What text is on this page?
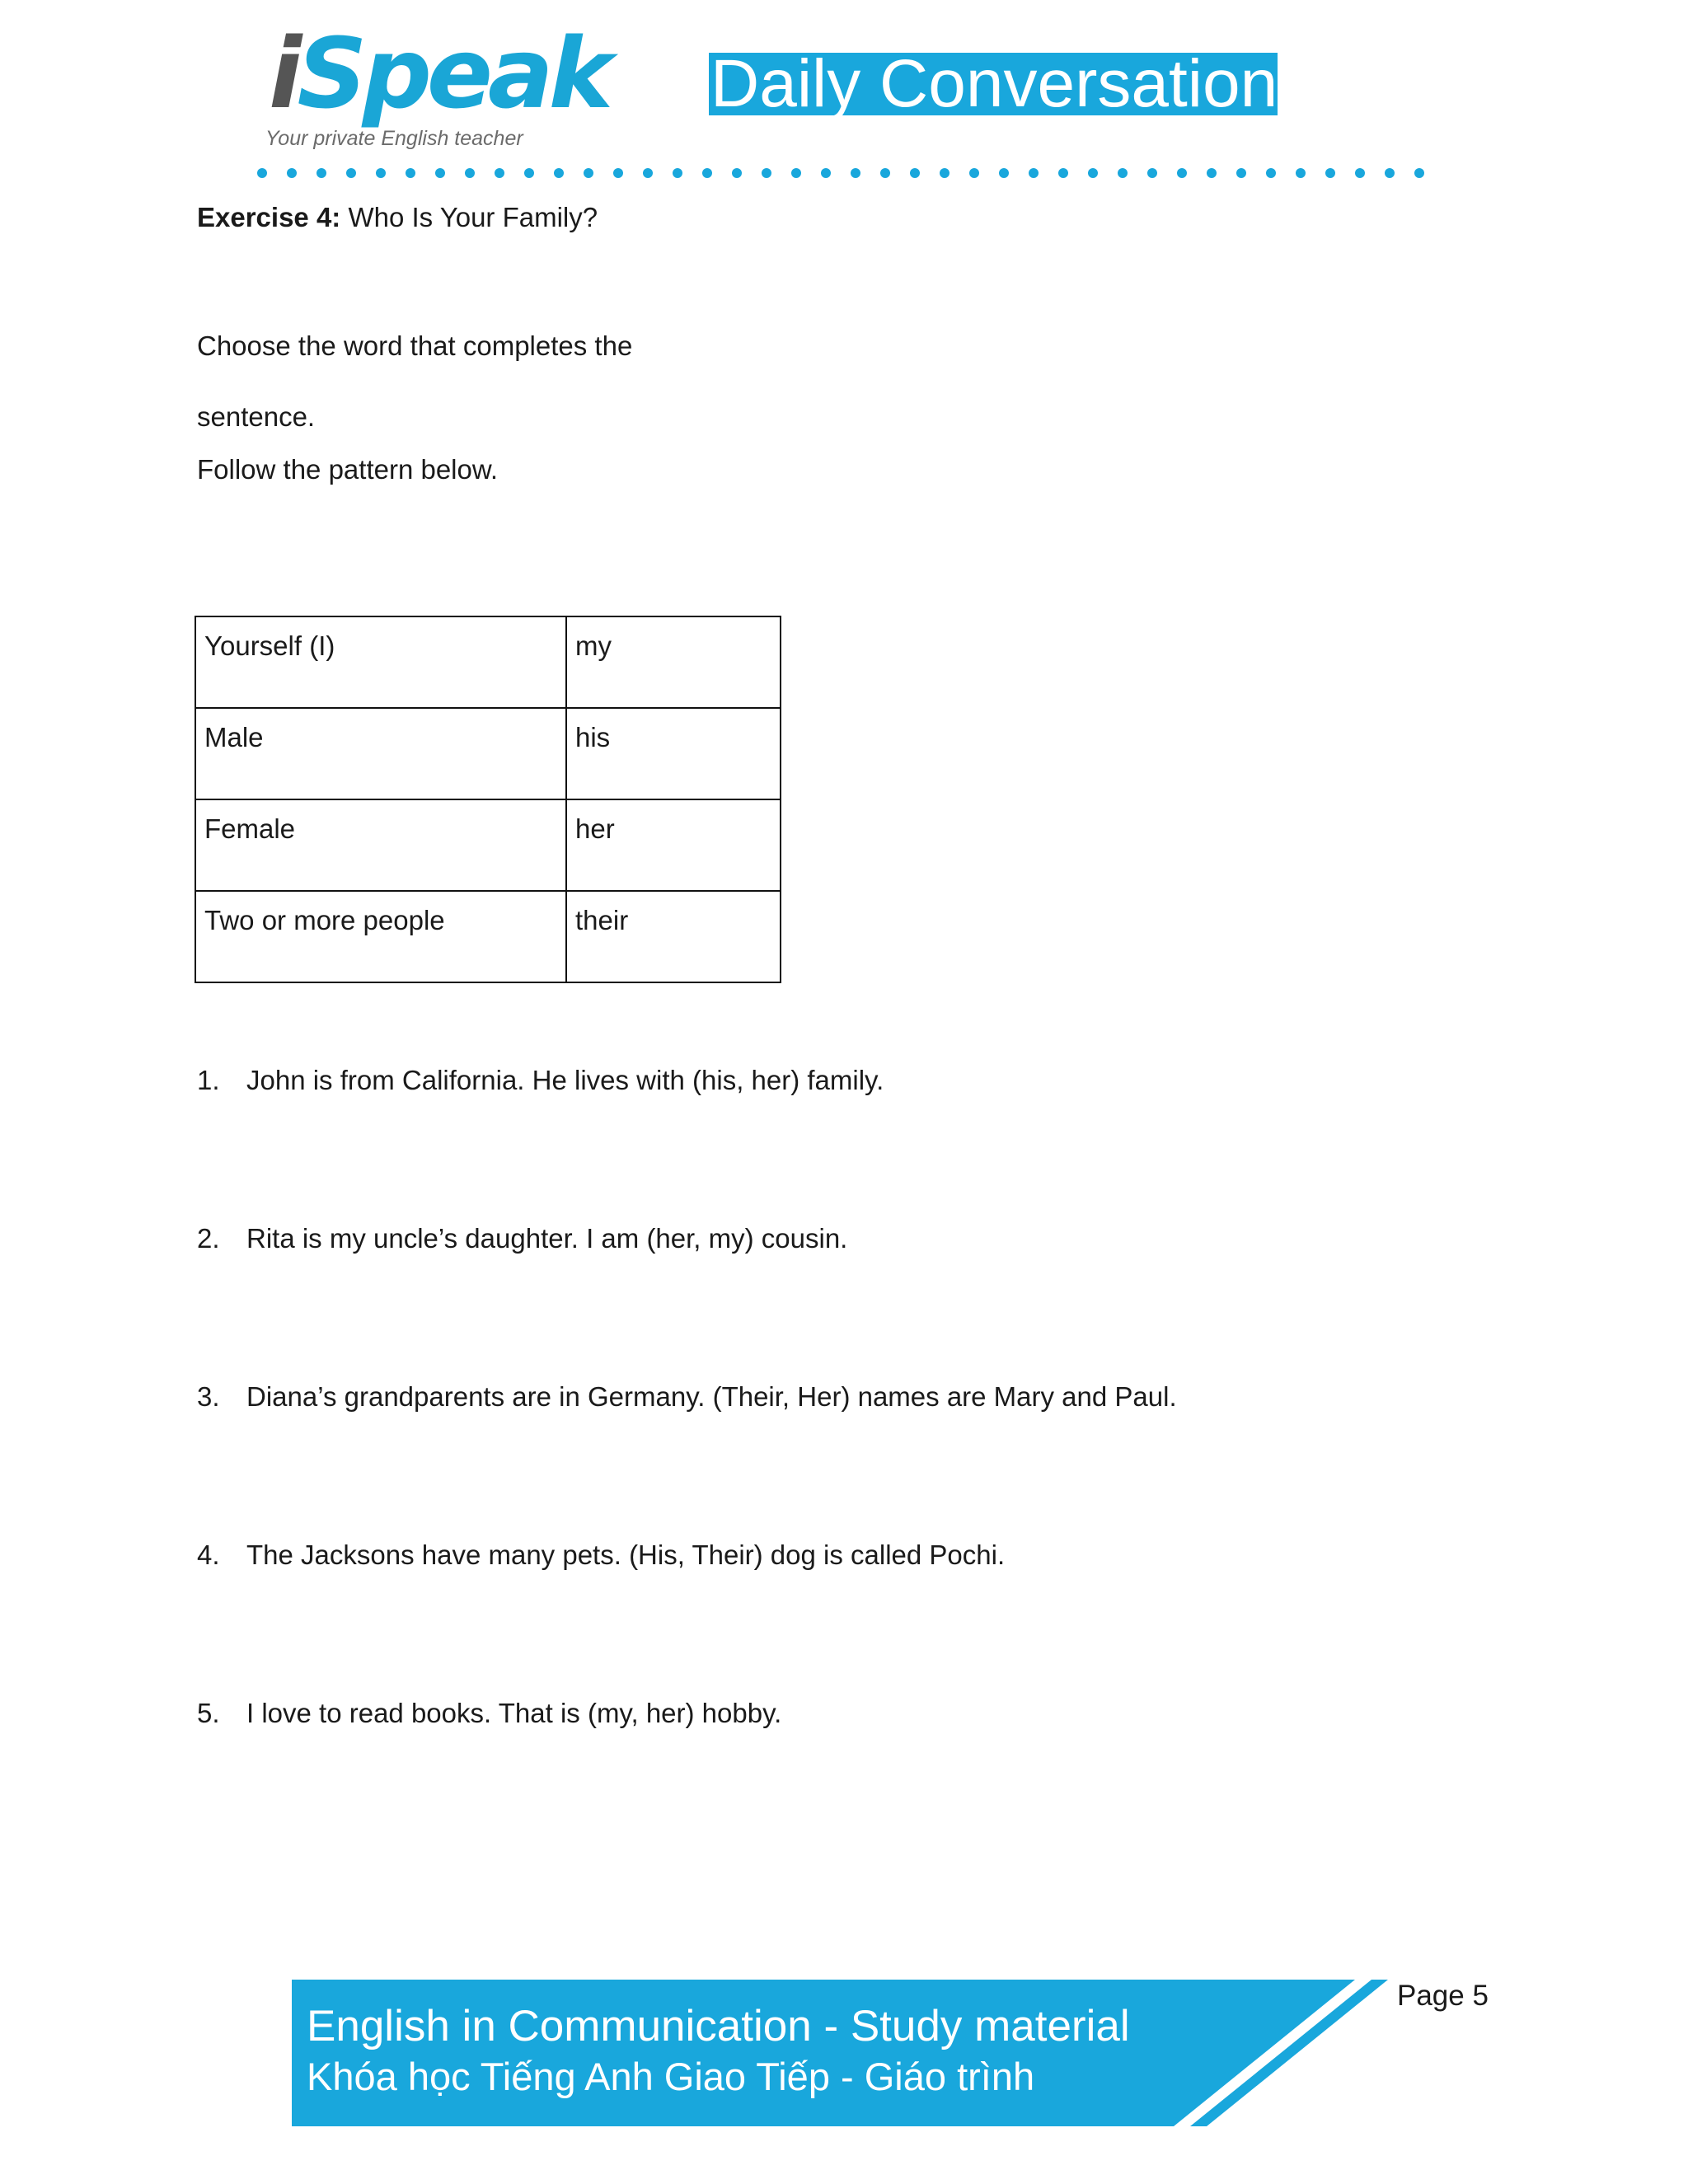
iSpeak
Your private English teacher
Daily Conversation
Exercise 4: Who Is Your Family?
Choose the word that completes the
sentence.
Follow the pattern below.
Yourself (I)	my
Male	his
Female	her
Two or more people	their
1. John is from California. He lives with (his, her) family.
2. Rita is my uncle’s daughter. I am (her, my) cousin.
3. Diana’s grandparents are in Germany. (Their, Her) names are Mary and Paul.
4. The Jacksons have many pets. (His, Their) dog is called Pochi.
5. I love to read books. That is (my, her) hobby.
English in Communication - Study material
Khóa học Tiếng Anh Giao Tiếp - Giáo trình
Page 5
